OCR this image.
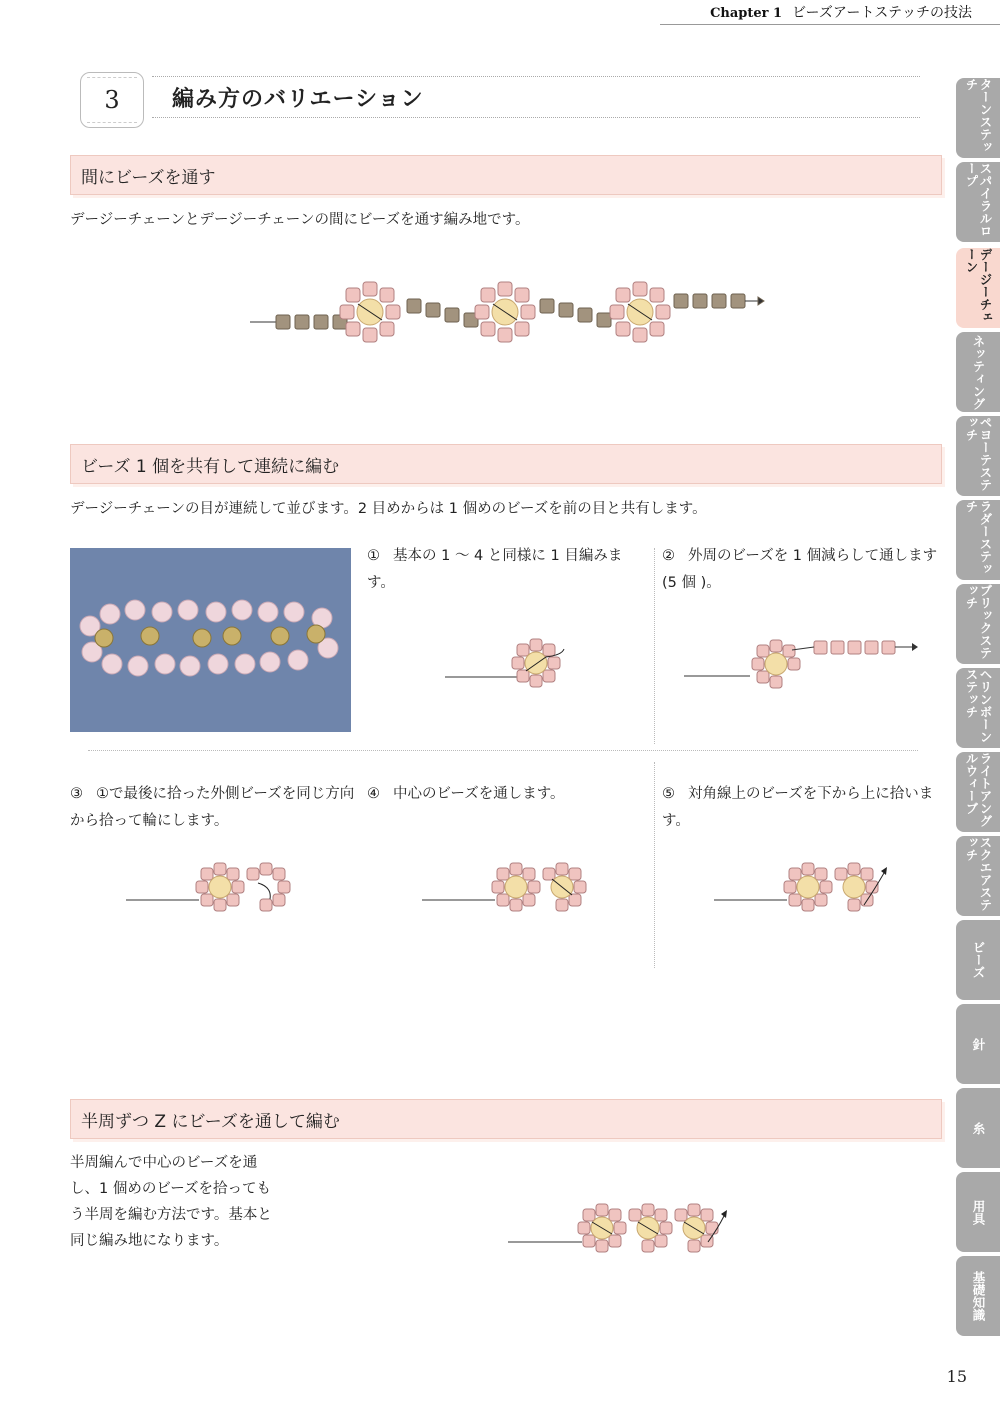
Chapter 1 ビーズアートステッチの技法
3	編み方のバリエーション
間にビーズを通す
デージーチェーンとデージーチェーンの間にビーズを通す編み地です。
ビーズ 1 個を共有して連続に編む
デージーチェーンの目が連続して並びます。2 目めからは 1 個めのビーズを前の目と共有します。
① 基本の 1 〜 4 と同様に 1 目編みます。
② 外周のビーズを 1 個減らして通します (5 個 )。
③ ①で最後に拾った外側ビーズを同じ方向から拾って輪にします。
④ 中心のビーズを通します。	⑤ 対角線上のビーズを下から上に拾います。
半周ずつ Z にビーズを通して編む
半周編んで中心のビーズを通し、1 個めのビーズを拾ってもう半周を編む方法です。基本と同じ編み地になります。
ターンステッチ
スパイラルロープ
デージーチェーン
ネッティング
ペヨーテステッチ
ラダーステッチ
ブリックステッチ
ヘリンボーンステッチ
ライトアングルウィーブ
スクエアステッチ
ビーズ
針
糸
用具
基礎知識
15
